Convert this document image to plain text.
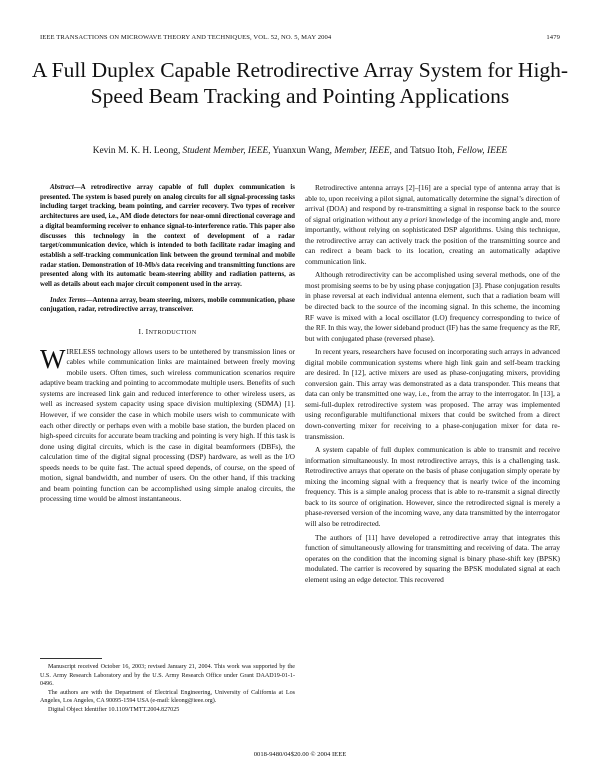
IEEE TRANSACTIONS ON MICROWAVE THEORY AND TECHNIQUES, VOL. 52, NO. 5, MAY 2004	1479
A Full Duplex Capable Retrodirective Array System for High-Speed Beam Tracking and Pointing Applications
Kevin M. K. H. Leong, Student Member, IEEE, Yuanxun Wang, Member, IEEE, and Tatsuo Itoh, Fellow, IEEE

Abstract—A retrodirective array capable of full duplex communication is presented. The system is based purely on analog circuits for all signal-processing tasks including target tracking, beam pointing, and carrier recovery. Two types of receiver architectures are used, i.e., AM diode detectors for near-omni directional coverage and a digital beamforming receiver to enhance signal-to-interference ratio. This paper also discusses this technology in the context of development of a radar target/communication device, which is intended to both facilitate radar imaging and establish a self-tracking communication link between the ground terminal and mobile radar station. Demonstration of 10-Mb/s data receiving and transmitting functions are presented along with its automatic beam-steering ability and radiation patterns, as well as details about each major circuit component used in the array.

Index Terms—Antenna array, beam steering, mixers, mobile communication, phase conjugation, radar, retrodirective array, transceiver.

I. INTRODUCTION

WIRELESS technology allows users to be untethered by transmission lines or cables while communication links are maintained between freely moving mobile users. Often times, such wireless communication scenarios require adaptive beam tracking and pointing to accommodate multiple users. Benefits of such systems are increased link gain and reduced interference to other wireless users, as well as increased system capacity using space division multiplexing (SDMA) [1]. However, if we consider the case in which mobile users wish to communicate with each other directly or perhaps even with a mobile base station, the burden placed on high-speed circuits for accurate beam tracking and pointing is very high. If this task is done using digital circuits, which is the case in digital beamformers (DBFs), the calculation time of the digital signal processing (DSP) hardware, as well as the I/O speeds needs to be quite fast. The actual speed depends, of course, on the speed of motion, signal bandwidth, and number of users. On the other hand, if this tracking and beam pointing function can be accomplished using simple analog circuits, the processing time would be almost instantaneous.

Manuscript received October 16, 2003; revised January 21, 2004. This work was supported by the U.S. Army Research Laboratory and by the U.S. Army Research Office under Grant DAAD19-01-1-0496.

The authors are with the Department of Electrical Engineering, University of California at Los Angeles, Los Angeles, CA 90095-1594 USA (e-mail: kleong@ieee.org).

Digital Object Identifier 10.1109/TMTT.2004.827025

Retrodirective antenna arrays [2]–[16] are a special type of antenna array that is able to, upon receiving a pilot signal, automatically determine the signal’s direction of arrival (DOA) and respond by re-transmitting a signal in response back to the source of signal origination without any a priori knowledge of the incoming angle and, more importantly, without relying on sophisticated DSP algorithms. Using this technique, the retrodirective array can actively track the position of the transmitting source and can redirect a beam back to its location, creating an automatically adaptive communication link.

Although retrodirectivity can be accomplished using several methods, one of the most promising seems to be by using phase conjugation [3]. Phase conjugation results in phase reversal at each individual antenna element, such that a radiation beam will be directed back to the source of the incoming signal. In this scheme, the incoming RF wave is mixed with a local oscillator (LO) frequency corresponding to twice of the RF. In this way, the lower sideband product (IF) has the same frequency as the RF, but with conjugated phase (reversed phase).

In recent years, researchers have focused on incorporating such arrays in advanced digital mobile communication systems where high link gain and self-beam tracking are desired. In [12], active mixers are used as phase-conjugating mixers, providing conversion gain. This array was demonstrated as a data transponder. This means that data can only be transmitted one way, i.e., from the array to the interrogator. In [13], a semi-full-duplex retrodirective system was proposed. The array was implemented using reconfigurable multifunctional mixers that could be switched from a direct down-converting mixer for receiving to a phase-conjugation mixer for data re-transmission.

A system capable of full duplex communication is able to transmit and receive information simultaneously. In most retrodirective arrays, this is a challenging task. Retrodirective arrays that operate on the basis of phase conjugation simply operate by mixing the incoming signal with a frequency that is nearly twice of the incoming frequency. This is a simple analog process that is able to re-transmit a signal directly back to its source of origination. However, since the retrodirected signal is merely a phase-reversed version of the incoming wave, any data transmitted by the interrogator will also be retrodirected.

The authors of [11] have developed a retrodirective array that integrates this function of simultaneously allowing for transmitting and receiving of data. The array operates on the condition that the incoming signal is binary phase-shift key (BPSK) modulated. The carrier is recovered by squaring the BPSK modulated signal at each element using an edge detector. This recovered

0018-9480/04$20.00 © 2004 IEEE
